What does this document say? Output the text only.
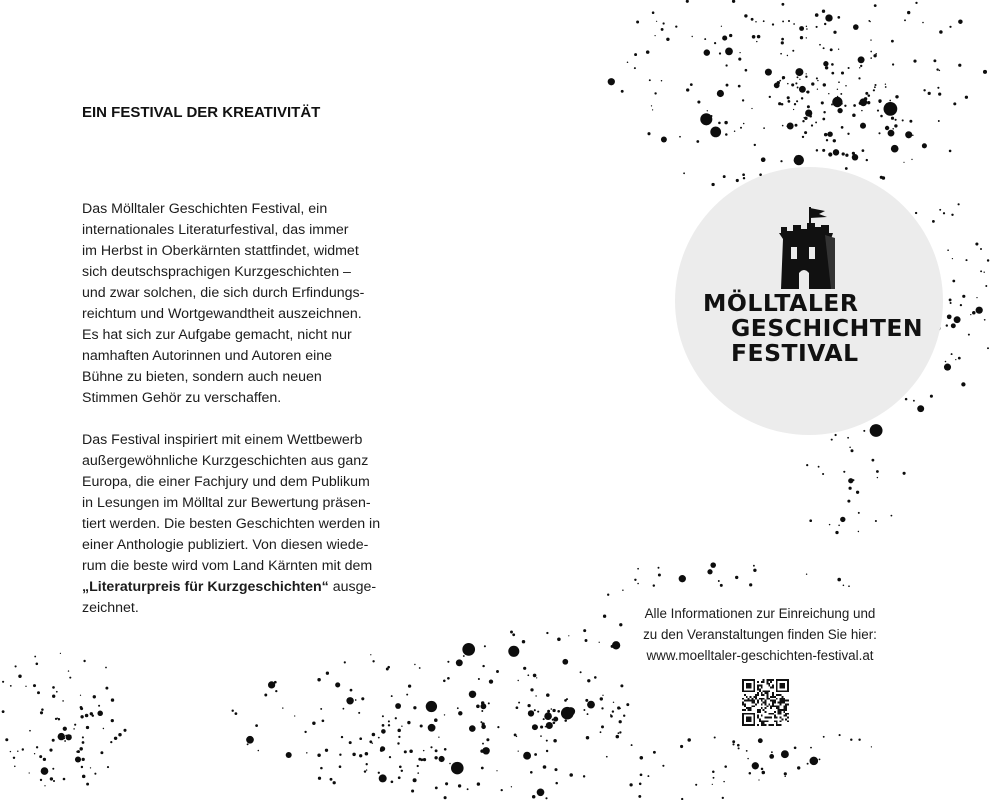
EIN FESTIVAL DER KREATIVITÄT

Das Mölltaler Geschichten Festival, ein
internationales Literaturfestival, das immer
im Herbst in Oberkärnten stattfindet, widmet
sich deutschsprachigen Kurzgeschichten –
und zwar solchen, die sich durch Erfindungs-
reichtum und Wortgewandtheit auszeichnen.
Es hat sich zur Aufgabe gemacht, nicht nur
namhaften Autorinnen und Autoren eine
Bühne zu bieten, sondern auch neuen
Stimmen Gehör zu verschaffen.

Das Festival inspiriert mit einem Wettbewerb
außergewöhnliche Kurzgeschichten aus ganz
Europa, die einer Fachjury und dem Publikum
in Lesungen im Mölltal zur Bewertung präsen-
tiert werden. Die besten Geschichten werden in
einer Anthologie publiziert. Von diesen wiede-
rum die beste wird vom Land Kärnten mit dem
„Literaturpreis für Kurzgeschichten“ ausge-
zeichnet.

MÖLLTALER
GESCHICHTEN
FESTIVAL

Alle Informationen zur Einreichung und
zu den Veranstaltungen finden Sie hier:
www.moelltaler-geschichten-festival.at
